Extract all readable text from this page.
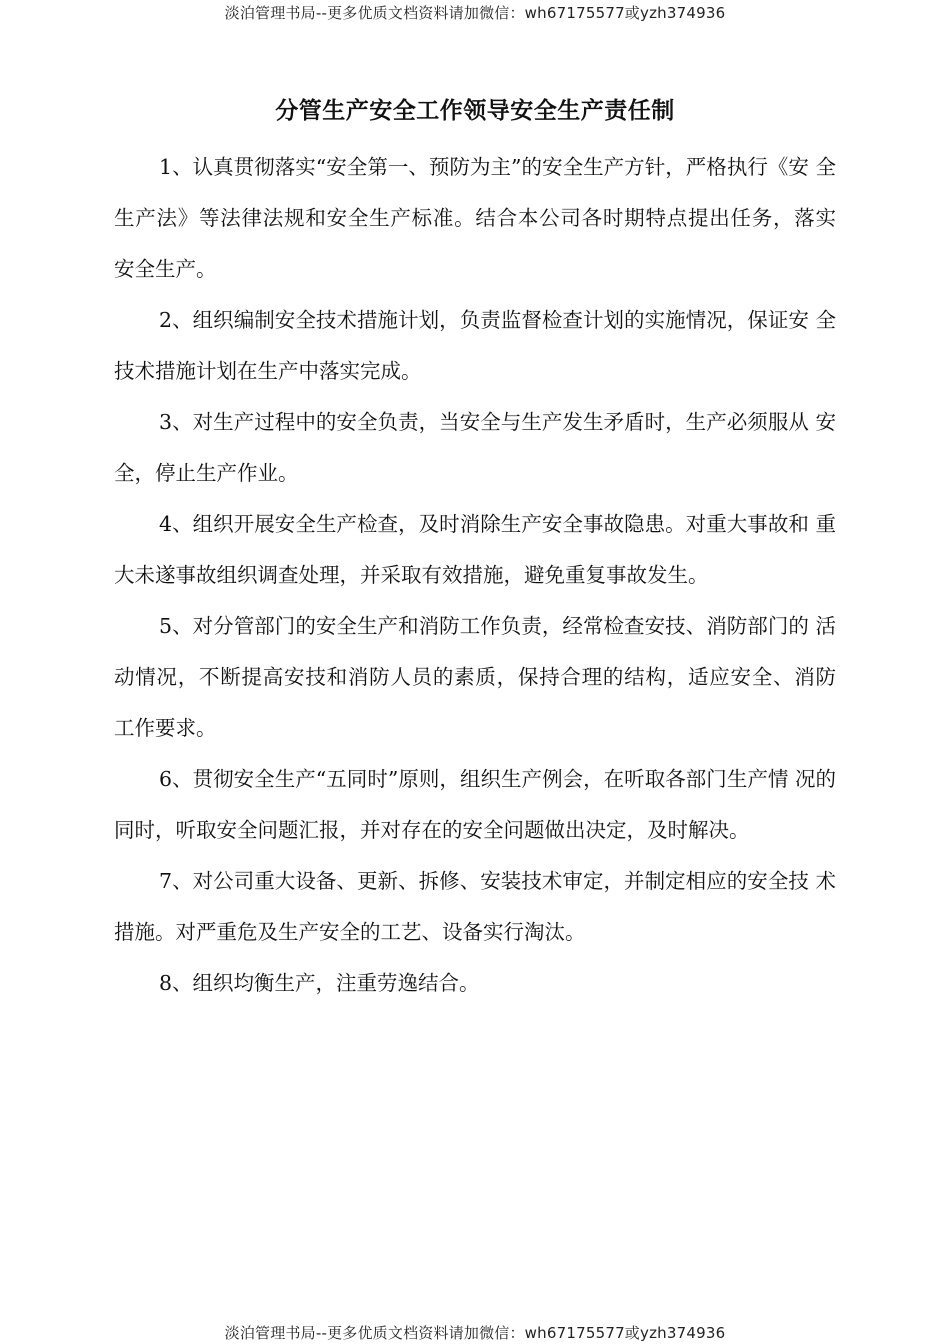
淡泊管理书局--更多优质文档资料请加微信：wh67175577或yzh374936
分管生产安全工作领导安全生产责任制

1、认真贯彻落实“安全第一、预防为主”的安全生产方针，严格执行《安 全生产法》等法律法规和安全生产标准。结合本公司各时期特点提出任务，落实 安全生产。

2、组织编制安全技术措施计划，负责监督检查计划的实施情况，保证安 全技术措施计划在生产中落实完成。

3、对生产过程中的安全负责，当安全与生产发生矛盾时，生产必须服从 安全，停止生产作业。

4、组织开展安全生产检查，及时消除生产安全事故隐患。对重大事故和 重大未遂事故组织调查处理，并采取有效措施，避免重复事故发生。

5、对分管部门的安全生产和消防工作负责，经常检查安技、消防部门的 活动情况，不断提高安技和消防人员的素质，保持合理的结构，适应安全、消防 工作要求。

6、贯彻安全生产“五同时”原则，组织生产例会，在听取各部门生产情 况的同时，听取安全问题汇报，并对存在的安全问题做出决定，及时解决。

7、对公司重大设备、更新、拆修、安装技术审定，并制定相应的安全技 术措施。对严重危及生产安全的工艺、设备实行淘汰。

8、组织均衡生产，注重劳逸结合。

淡泊管理书局--更多优质文档资料请加微信：wh67175577或yzh374936
